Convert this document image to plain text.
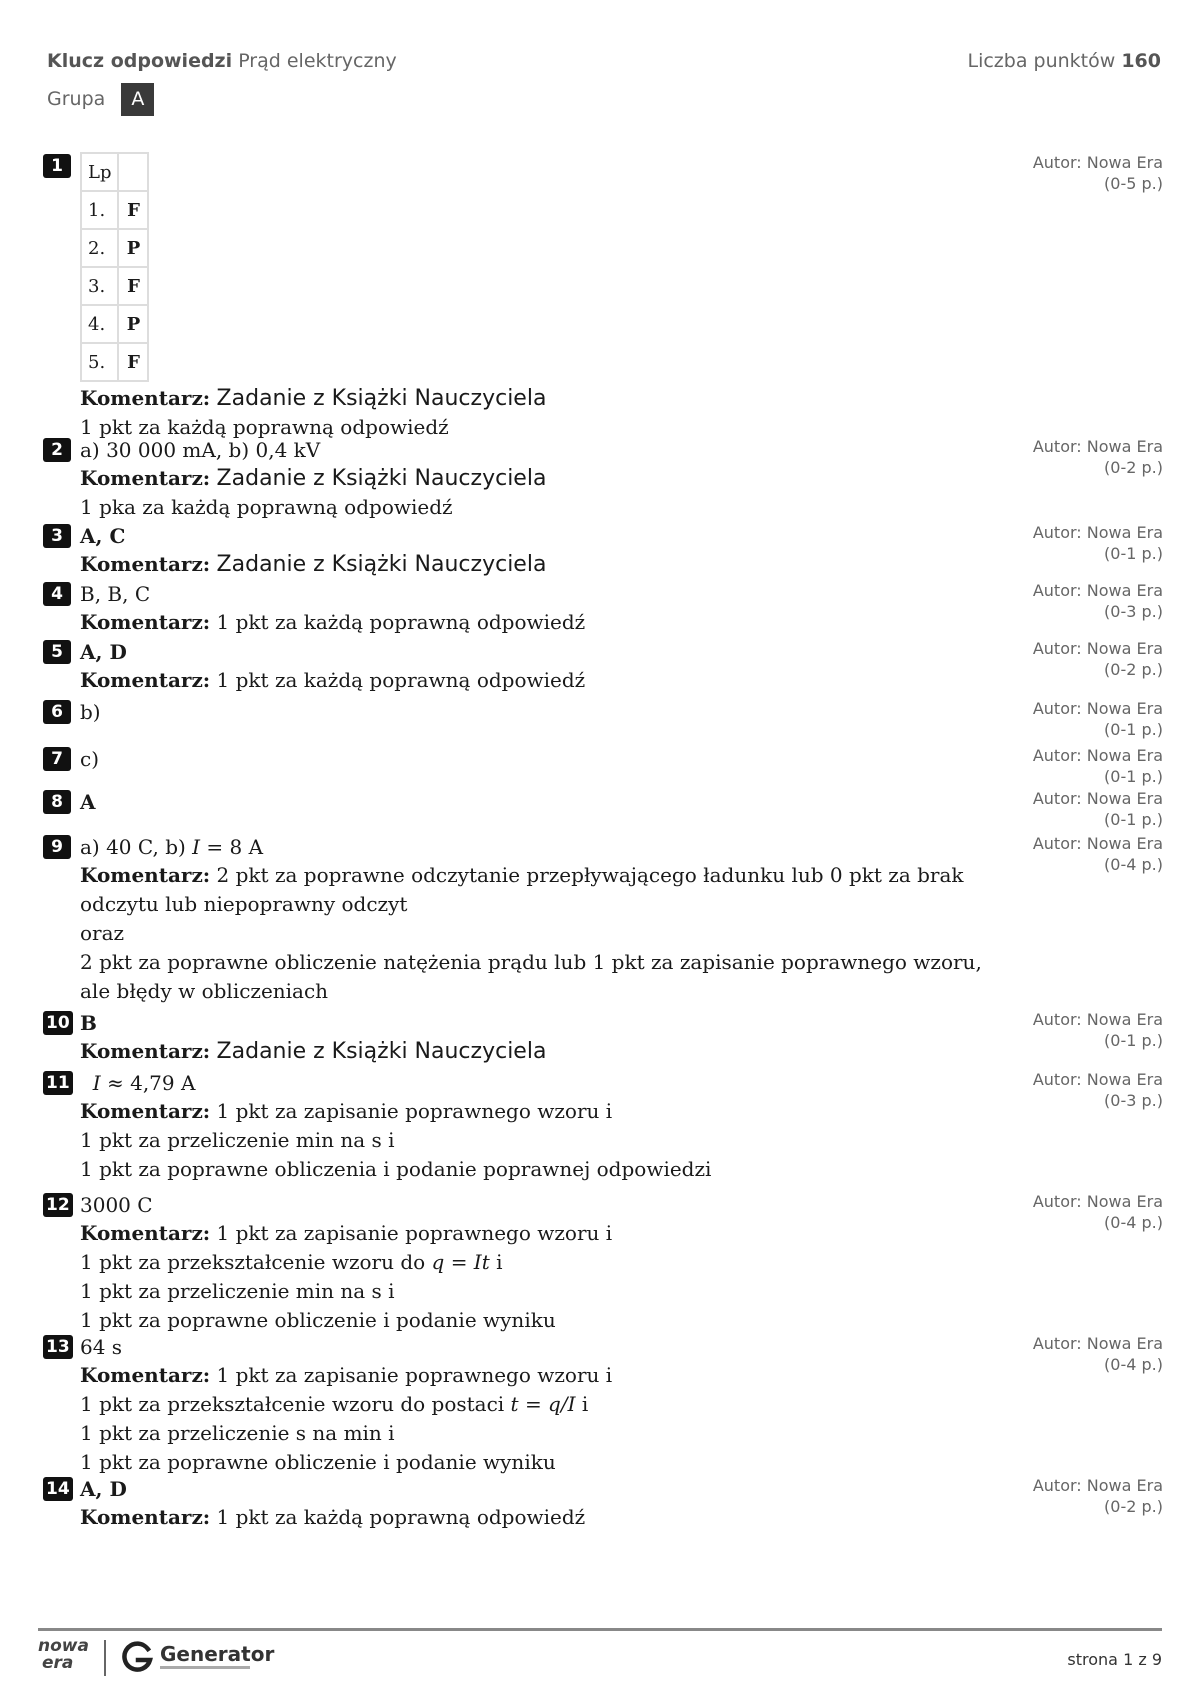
Klucz odpowiedzi Prąd elektryczny	Liczba punktów 160
Grupa A
1	Autor: Nowa Era
(0-5 p.)
Lp	
1.	F
2.	P
3.	F
4.	P
5.	F
Komentarz: Zadanie z Książki Nauczyciela
1 pkt za każdą poprawną odpowiedź
2	Autor: Nowa Era
(0-2 p.)
a) 30 000 mA, b) 0,4 kV
Komentarz: Zadanie z Książki Nauczyciela
1 pka za każdą poprawną odpowiedź
3	Autor: Nowa Era
(0-1 p.)
A, C
Komentarz: Zadanie z Książki Nauczyciela
4	Autor: Nowa Era
(0-3 p.)
B, B, C
Komentarz: 1 pkt za każdą poprawną odpowiedź
5	Autor: Nowa Era
(0-2 p.)
A, D
Komentarz: 1 pkt za każdą poprawną odpowiedź
6	Autor: Nowa Era
(0-1 p.)
b)
7	Autor: Nowa Era
(0-1 p.)
c)
8	Autor: Nowa Era
(0-1 p.)
A
9	Autor: Nowa Era
(0-4 p.)
a) 40 C, b) I = 8 A
Komentarz: 2 pkt za poprawne odczytanie przepływającego ładunku lub 0 pkt za brak
odczytu lub niepoprawny odczyt
oraz
2 pkt za poprawne obliczenie natężenia prądu lub 1 pkt za zapisanie poprawnego wzoru,
ale błędy w obliczeniach
10	Autor: Nowa Era
(0-1 p.)
B
Komentarz: Zadanie z Książki Nauczyciela
11	Autor: Nowa Era
(0-3 p.)
I ≈ 4,79 A
Komentarz: 1 pkt za zapisanie poprawnego wzoru i
1 pkt za przeliczenie min na s i
1 pkt za poprawne obliczenia i podanie poprawnej odpowiedzi
12	Autor: Nowa Era
(0-4 p.)
3000 C
Komentarz: 1 pkt za zapisanie poprawnego wzoru i
1 pkt za przekształcenie wzoru do q = It i
1 pkt za przeliczenie min na s i
1 pkt za poprawne obliczenie i podanie wyniku
13	Autor: Nowa Era
(0-4 p.)
64 s
Komentarz: 1 pkt za zapisanie poprawnego wzoru i
1 pkt za przekształcenie wzoru do postaci t = q/I i
1 pkt za przeliczenie s na min i
1 pkt za poprawne obliczenie i podanie wyniku
14	Autor: Nowa Era
(0-2 p.)
A, D
Komentarz: 1 pkt za każdą poprawną odpowiedź
nowa
era	Generator	strona 1 z 9
